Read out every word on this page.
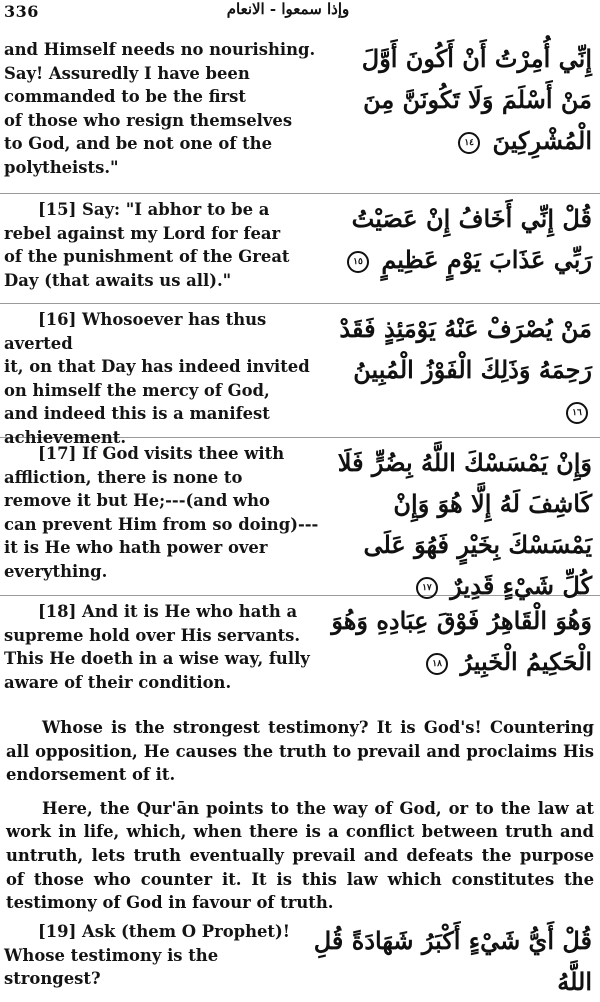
336	وإذا سمعوا - الانعام
and Himself needs no nourishing.
Say! Assuredly I have been
commanded to be the first
of those who resign themselves
to God, and be not one of the
polytheists."
إِنِّي أُمِرْتُ أَنْ أَكُونَ أَوَّلَ مَنْ أَسْلَمَ وَلَا تَكُونَنَّ مِنَ الْمُشْرِكِينَ ١٤
[15] Say: "I abhor to be a
rebel against my Lord for fear
of the punishment of the Great
Day (that awaits us all)."
قُلْ إِنِّي أَخَافُ إِنْ عَصَيْتُ رَبِّي عَذَابَ يَوْمٍ عَظِيمٍ ١٥
[16] Whosoever has thus averted
it, on that Day has indeed invited
on himself the mercy of God,
and indeed this is a manifest
achievement.
مَنْ يُصْرَفْ عَنْهُ يَوْمَئِذٍ فَقَدْ رَحِمَهُ وَذَلِكَ الْفَوْزُ الْمُبِينُ ١٦
[17] If God visits thee with
affliction, there is none to
remove it but He;---(and who
can prevent Him from so doing)---
it is He who hath power over
everything.
وَإِنْ يَمْسَسْكَ اللَّهُ بِضُرٍّ فَلَا كَاشِفَ لَهُ إِلَّا هُوَ وَإِنْ يَمْسَسْكَ بِخَيْرٍ فَهُوَ عَلَى كُلِّ شَيْءٍ قَدِيرٌ ١٧
[18] And it is He who hath a
supreme hold over His servants.
This He doeth in a wise way, fully
aware of their condition.
وَهُوَ الْقَاهِرُ فَوْقَ عِبَادِهِ وَهُوَ الْحَكِيمُ الْخَبِيرُ ١٨

Whose is the strongest testimony? It is God's! Countering all opposition, He causes the truth to prevail and proclaims His endorsement of it.

Here, the Qur'ān points to the way of God, or to the law at work in life, which, when there is a conflict between truth and untruth, lets truth eventually prevail and defeats the purpose of those who counter it. It is this law which constitutes the testimony of God in favour of truth.

[19] Ask (them O Prophet)!
Whose testimony is the strongest?
قُلْ أَيُّ شَيْءٍ أَكْبَرُ شَهَادَةً قُلِ اللَّهُ
